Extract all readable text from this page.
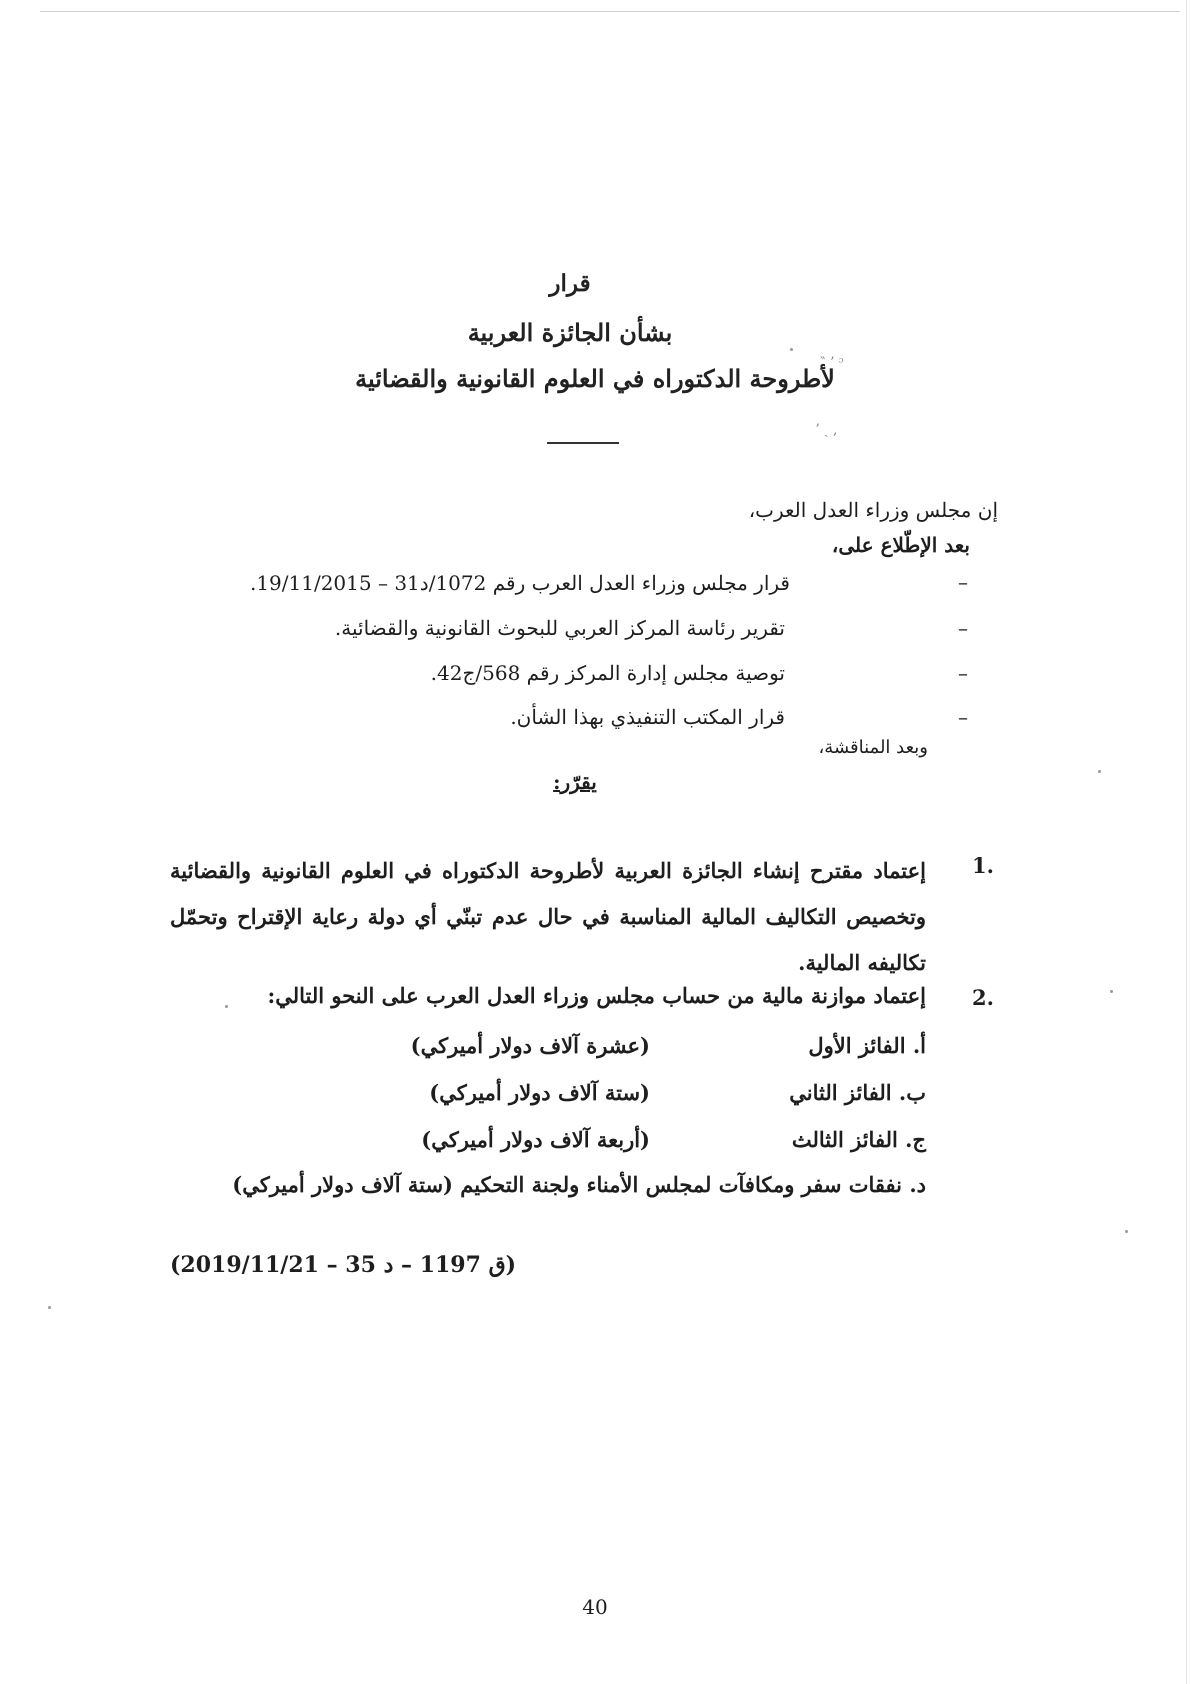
‶ ʼ ᵓ
ʼ ˏ ,
قرار
بشأن الجائزة العربية
لأطروحة الدكتوراه في العلوم القانونية والقضائية
إن مجلس وزراء العدل العرب،
بعد الإطّلاع على،
–
قرار مجلس وزراء العدل العرب رقم 1072/د31 – 19/11/2015.
–
تقرير رئاسة المركز العربي للبحوث القانونية والقضائية.
–
توصية مجلس إدارة المركز رقم 568/ج42.
–
قرار المكتب التنفيذي بهذا الشأن.
وبعد المناقشة،
يقرّر:
1.
إعتماد مقترح إنشاء الجائزة العربية لأطروحة الدكتوراه في العلوم القانونية والقضائية وتخصيص التكاليف المالية المناسبة في حال عدم تبنّي أي دولة رعاية الإقتراح وتحمّل تكاليفه المالية.
2.
إعتماد موازنة مالية من حساب مجلس وزراء العدل العرب على النحو التالي:
أ. الفائز الأول
(عشرة آلاف دولار أميركي)
ب. الفائز الثاني
(ستة آلاف دولار أميركي)
ج. الفائز الثالث
(أربعة آلاف دولار أميركي)
د. نفقات سفر ومكافآت لمجلس الأمناء ولجنة التحكيم (ستة آلاف دولار أميركي)
(ق 1197 – د 35 – 2019/11/21)
40
